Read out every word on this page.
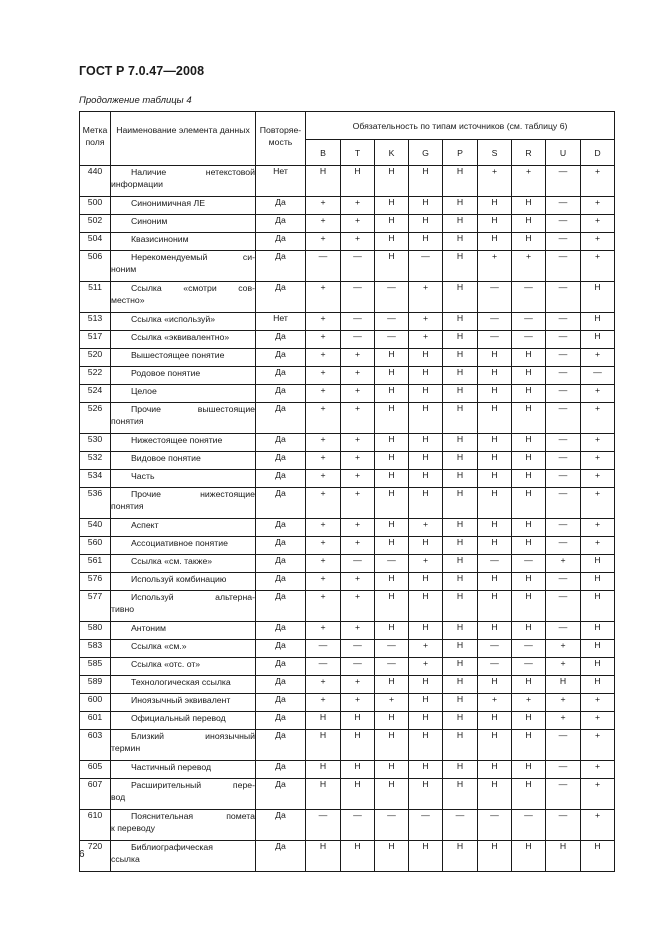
ГОСТ Р 7.0.47—2008
Продолжение таблицы 4
Метка поля	Наименование элемента данных	Повторяе- мость	Обязательность по типам источников (см. таблицу 6)								
			B	T	K	G	P	S	R	U	D
440	Наличие нетекстовой
информации	Нет	Н	Н	Н	Н	Н	+	+	—	+
500	Синонимичная ЛЕ	Да	+	+	Н	Н	Н	Н	Н	—	+
502	Синоним	Да	+	+	Н	Н	Н	Н	Н	—	+
504	Квазисиноним	Да	+	+	Н	Н	Н	Н	Н	—	+
506	Нерекомендуемый си-
ноним	Да	—	—	Н	—	Н	+	+	—	+
511	Ссылка «смотри сов-
местно»	Да	+	—	—	+	Н	—	—	—	Н
513	Ссылка «используй»	Нет	+	—	—	+	Н	—	—	—	Н
517	Ссылка «эквивалентно»	Да	+	—	—	+	Н	—	—	—	Н
520	Вышестоящее понятие	Да	+	+	Н	Н	Н	Н	Н	—	+
522	Родовое понятие	Да	+	+	Н	Н	Н	Н	Н	—	—
524	Целое	Да	+	+	Н	Н	Н	Н	Н	—	+
526	Прочие вышестоящие
понятия	Да	+	+	Н	Н	Н	Н	Н	—	+
530	Нижестоящее понятие	Да	+	+	Н	Н	Н	Н	Н	—	+
532	Видовое понятие	Да	+	+	Н	Н	Н	Н	Н	—	+
534	Часть	Да	+	+	Н	Н	Н	Н	Н	—	+
536	Прочие нижестоящие
понятия	Да	+	+	Н	Н	Н	Н	Н	—	+
540	Аспект	Да	+	+	Н	+	Н	Н	Н	—	+
560	Ассоциативное понятие	Да	+	+	Н	Н	Н	Н	Н	—	+
561	Ссылка «см. также»	Да	+	—	—	+	Н	—	—	+	Н
576	Используй комбинацию	Да	+	+	Н	Н	Н	Н	Н	—	Н
577	Используй альтерна-
тивно	Да	+	+	Н	Н	Н	Н	Н	—	Н
580	Антоним	Да	+	+	Н	Н	Н	Н	Н	—	Н
583	Ссылка «см.»	Да	—	—	—	+	Н	—	—	+	Н
585	Ссылка «отс. от»	Да	—	—	—	+	Н	—	—	+	Н
589	Технологическая ссылка	Да	+	+	Н	Н	Н	Н	Н	Н	Н
600	Иноязычный эквивалент	Да	+	+	+	Н	Н	+	+	+	+
601	Официальный перевод	Да	Н	Н	Н	Н	Н	Н	Н	+	+
603	Близкий иноязычный
термин	Да	Н	Н	Н	Н	Н	Н	Н	—	+
605	Частичный перевод	Да	Н	Н	Н	Н	Н	Н	Н	—	+
607	Расширительный пере-
вод	Да	Н	Н	Н	Н	Н	Н	Н	—	+
610	Пояснительная помета
к переводу	Да	—	—	—	—	—	—	—	—	+
720	Библиографическая
ссылка	Да	Н	Н	Н	Н	Н	Н	Н	Н	Н
6
